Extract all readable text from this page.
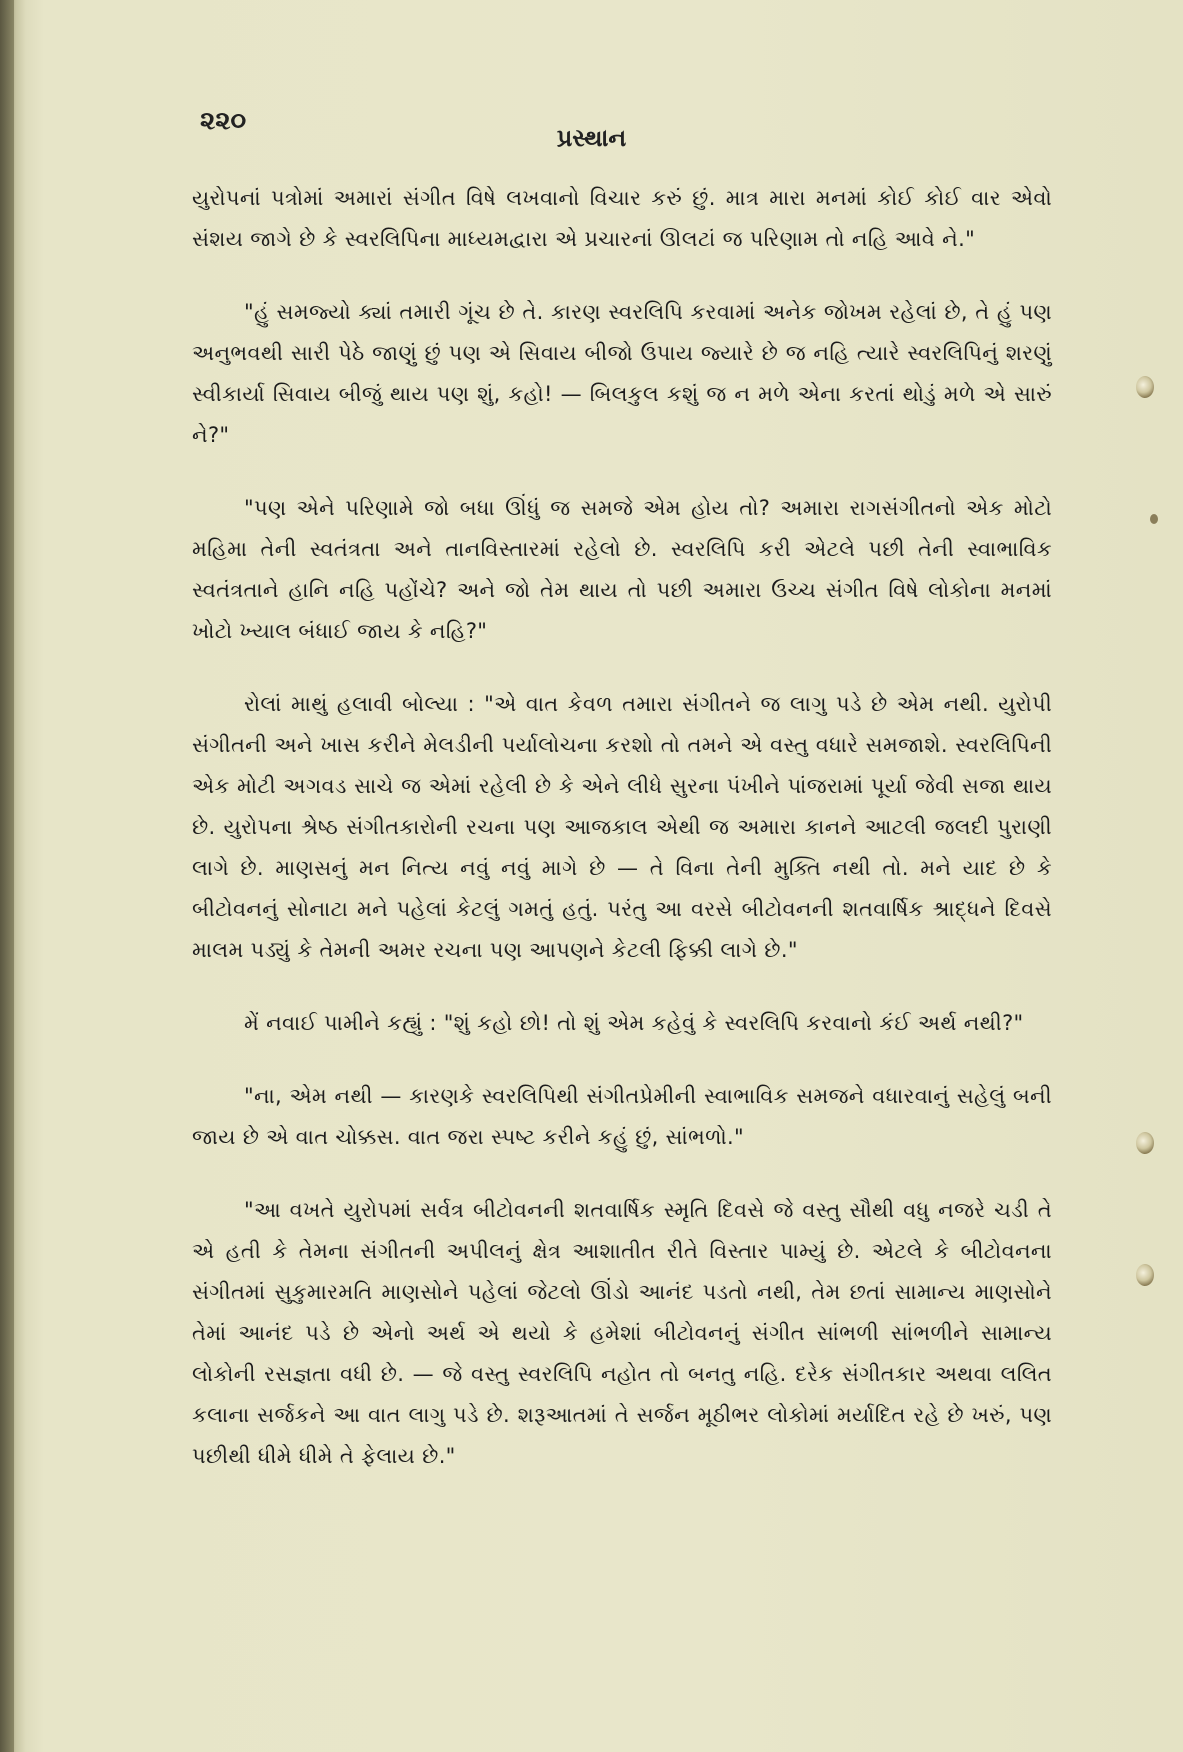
૨૨૦
પ્રસ્થાન

યુરોપનાં પત્રોમાં અમારાં સંગીત વિષે લખવાનો વિચાર કરું છું. માત્ર મારા મનમાં કોઈ કોઈ વાર એવો સંશય જાગે છે કે સ્વરલિપિના માધ્યમદ્વારા એ પ્રચારનાં ઊલટાં જ પરિણામ તો નહિ આવે ને."

"હું સમજ્યો ક્યાં તમારી ગૂંચ છે તે. કારણ સ્વરલિપિ કરવામાં અનેક જોખમ રહેલાં છે, તે હું પણ અનુભવથી સારી પેઠે જાણું છું પણ એ સિવાય બીજો ઉપાય જ્યારે છે જ નહિ ત્યારે સ્વરલિપિનું શરણું સ્વીકાર્યા સિવાય બીજું થાય પણ શું, કહો! — બિલકુલ કશું જ ન મળે એના કરતાં થોડું મળે એ સારું ને?"

"પણ એને પરિણામે જો બધા ઊંધું જ સમજે એમ હોય તો? અમારા રાગસંગીતનો એક મોટો મહિમા તેની સ્વતંત્રતા અને તાનવિસ્તારમાં રહેલો છે. સ્વરલિપિ કરી એટલે પછી તેની સ્વાભાવિક સ્વતંત્રતાને હાનિ નહિ પહોંચે? અને જો તેમ થાય તો પછી અમારા ઉચ્ચ સંગીત વિષે લોકોના મનમાં ખોટો ખ્યાલ બંધાઈ જાય કે નહિ?"

રોલાં માથું હલાવી બોલ્યા : "એ વાત કેવળ તમારા સંગીતને જ લાગુ પડે છે એમ નથી. યુરોપી સંગીતની અને ખાસ કરીને મેલડીની પર્યાલોચના કરશો તો તમને એ વસ્તુ વધારે સમજાશે. સ્વરલિપિની એક મોટી અગવડ સાચે જ એમાં રહેલી છે કે એને લીધે સુરના પંખીને પાંજરામાં પૂર્યા જેવી સજા થાય છે. યુરોપના શ્રેષ્ઠ સંગીતકારોની રચના પણ આજકાલ એથી જ અમારા કાનને આટલી જલદી પુરાણી લાગે છે. માણસનું મન નિત્ય નવું નવું માગે છે — તે વિના તેની મુક્તિ નથી તો. મને યાદ છે કે બીટોવનનું સોનાટા મને પહેલાં કેટલું ગમતું હતું. પરંતુ આ વરસે બીટોવનની શતવાર્ષિક શ્રાદ્ધને દિવસે માલમ પડ્યું કે તેમની અમર રચના પણ આપણને કેટલી ફિક્કી લાગે છે."

મેં નવાઈ પામીને કહ્યું : "શું કહો છો! તો શું એમ કહેવું કે સ્વરલિપિ કરવાનો કંઈ અર્થ નથી?"

"ના, એમ નથી — કારણકે સ્વરલિપિથી સંગીતપ્રેમીની સ્વાભાવિક સમજને વધારવાનું સહેલું બની જાય છે એ વાત ચોક્કસ. વાત જરા સ્પષ્ટ કરીને કહું છું, સાંભળો."

"આ વખતે યુરોપમાં સર્વત્ર બીટોવનની શતવાર્ષિક સ્મૃતિ દિવસે જે વસ્તુ સૌથી વધુ નજરે ચડી તે એ હતી કે તેમના સંગીતની અપીલનું ક્ષેત્ર આશાતીત રીતે વિસ્તાર પામ્યું છે. એટલે કે બીટોવનના સંગીતમાં સુકુમારમતિ માણસોને પહેલાં જેટલો ઊંડો આનંદ પડતો નથી, તેમ છતાં સામાન્ય માણસોને તેમાં આનંદ પડે છે એનો અર્થ એ થયો કે હમેશાં બીટોવનનું સંગીત સાંભળી સાંભળીને સામાન્ય લોકોની રસજ્ઞતા વધી છે. — જે વસ્તુ સ્વરલિપિ નહોત તો બનતુ નહિ. દરેક સંગીતકાર અથવા લલિત કલાના સર્જકને આ વાત લાગુ પડે છે. શરૂઆતમાં તે સર્જન મૂઠીભર લોકોમાં મર્યાદિત રહે છે ખરું, પણ પછીથી ધીમે ધીમે તે ફેલાય છે."
